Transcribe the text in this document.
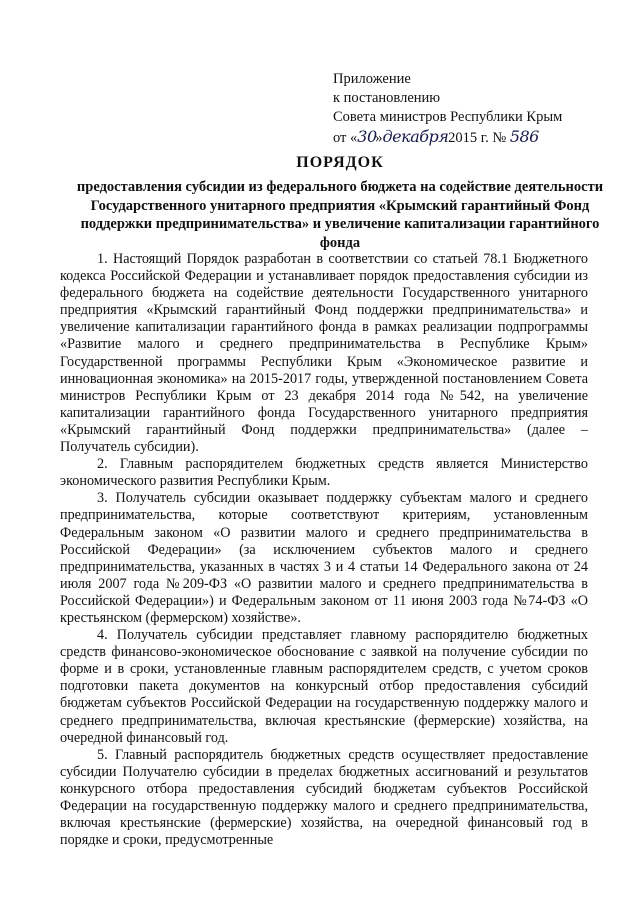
Приложение
к постановлению
Совета министров Республики Крым
от «30»декабря 2015 г. № 586
ПОРЯДОК
предоставления субсидии из федерального бюджета на содействие деятельности Государственного унитарного предприятия «Крымский гарантийный Фонд поддержки предпринимательства» и увеличение капитализации гарантийного фонда

1. Настоящий Порядок разработан в соответствии со статьей 78.1 Бюджетного кодекса Российской Федерации и устанавливает порядок предоставления субсидии из федерального бюджета на содействие деятельности Государственного унитарного предприятия «Крымский гарантийный Фонд поддержки предпринимательства» и увеличение капитализации гарантийного фонда в рамках реализации подпрограммы «Развитие малого и среднего предпринимательства в Республике Крым» Государственной программы Республики Крым «Экономическое развитие и инновационная экономика» на 2015-2017 годы, утвержденной постановлением Совета министров Республики Крым от 23 декабря 2014 года №542, на увеличение капитализации гарантийного фонда Государственного унитарного предприятия «Крымский гарантийный Фонд поддержки предпринимательства» (далее – Получатель субсидии).

2. Главным распорядителем бюджетных средств является Министерство экономического развития Республики Крым.

3. Получатель субсидии оказывает поддержку субъектам малого и среднего предпринимательства, которые соответствуют критериям, установленным Федеральным законом «О развитии малого и среднего предпринимательства в Российской Федерации» (за исключением субъектов малого и среднего предпринимательства, указанных в частях 3 и 4 статьи 14 Федерального закона от 24 июля 2007 года №209-ФЗ «О развитии малого и среднего предпринимательства в Российской Федерации») и Федеральным законом от 11 июня 2003 года №74-ФЗ «О крестьянском (фермерском) хозяйстве».

4. Получатель субсидии представляет главному распорядителю бюджетных средств финансово-экономическое обоснование с заявкой на получение субсидии по форме и в сроки, установленные главным распорядителем средств, с учетом сроков подготовки пакета документов на конкурсный отбор предоставления субсидий бюджетам субъектов Российской Федерации на государственную поддержку малого и среднего предпринимательства, включая крестьянские (фермерские) хозяйства, на очередной финансовый год.

5. Главный распорядитель бюджетных средств осуществляет предоставление субсидии Получателю субсидии в пределах бюджетных ассигнований и результатов конкурсного отбора предоставления субсидий бюджетам субъектов Российской Федерации на государственную поддержку малого и среднего предпринимательства, включая крестьянские (фермерские) хозяйства, на очередной финансовый год в порядке и сроки, предусмотренные
